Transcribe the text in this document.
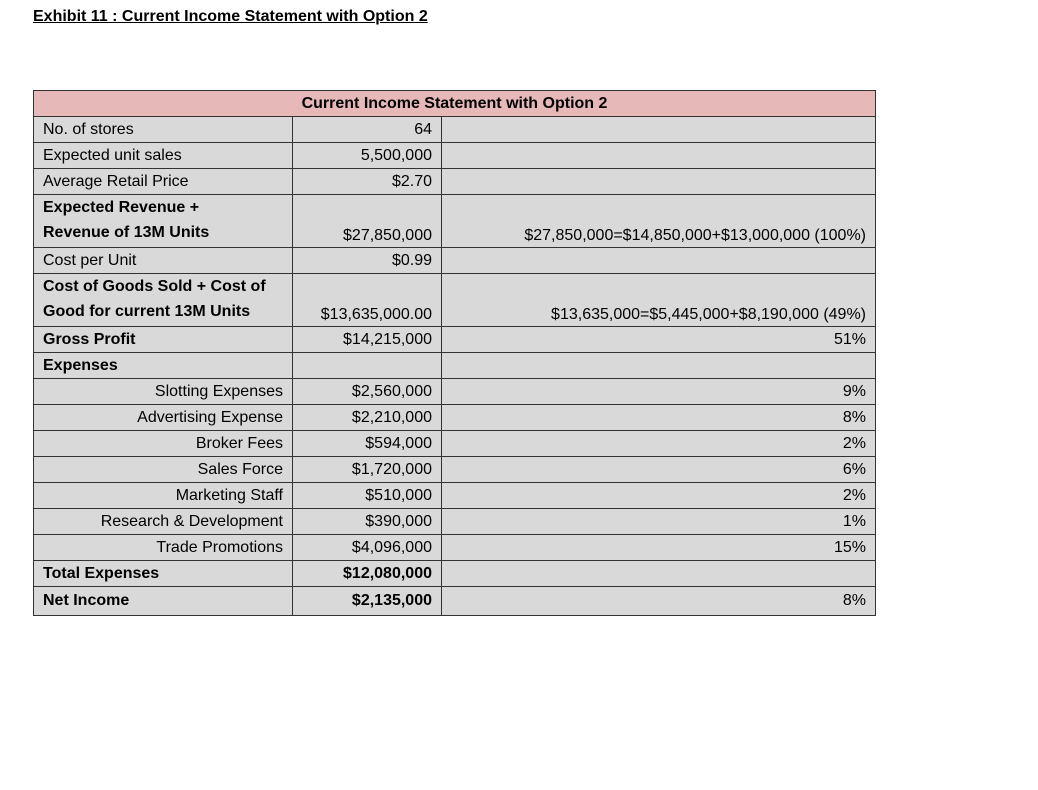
Exhibit 11 : Current Income Statement with Option 2
Current Income Statement with Option 2		
No. of stores	64	
Expected unit sales	5,500,000	
Average Retail Price	$2.70	

Expected Revenue +
Revenue of 13M Units	$27,850,000	$27,850,000=$14,850,000+$13,000,000 (100%)
Cost per Unit	$0.99	

Cost of Goods Sold + Cost of
Good for current 13M Units	$13,635,000.00	$13,635,000=$5,445,000+$8,190,000 (49%)
Gross Profit	$14,215,000	51%
Expenses		
Slotting Expenses	$2,560,000	9%
Advertising Expense	$2,210,000	8%
Broker Fees	$594,000	2%
Sales Force	$1,720,000	6%
Marketing Staff	$510,000	2%
Research & Development	$390,000	1%
Trade Promotions	$4,096,000	15%
Total Expenses	$12,080,000	
Net Income	$2,135,000	8%
